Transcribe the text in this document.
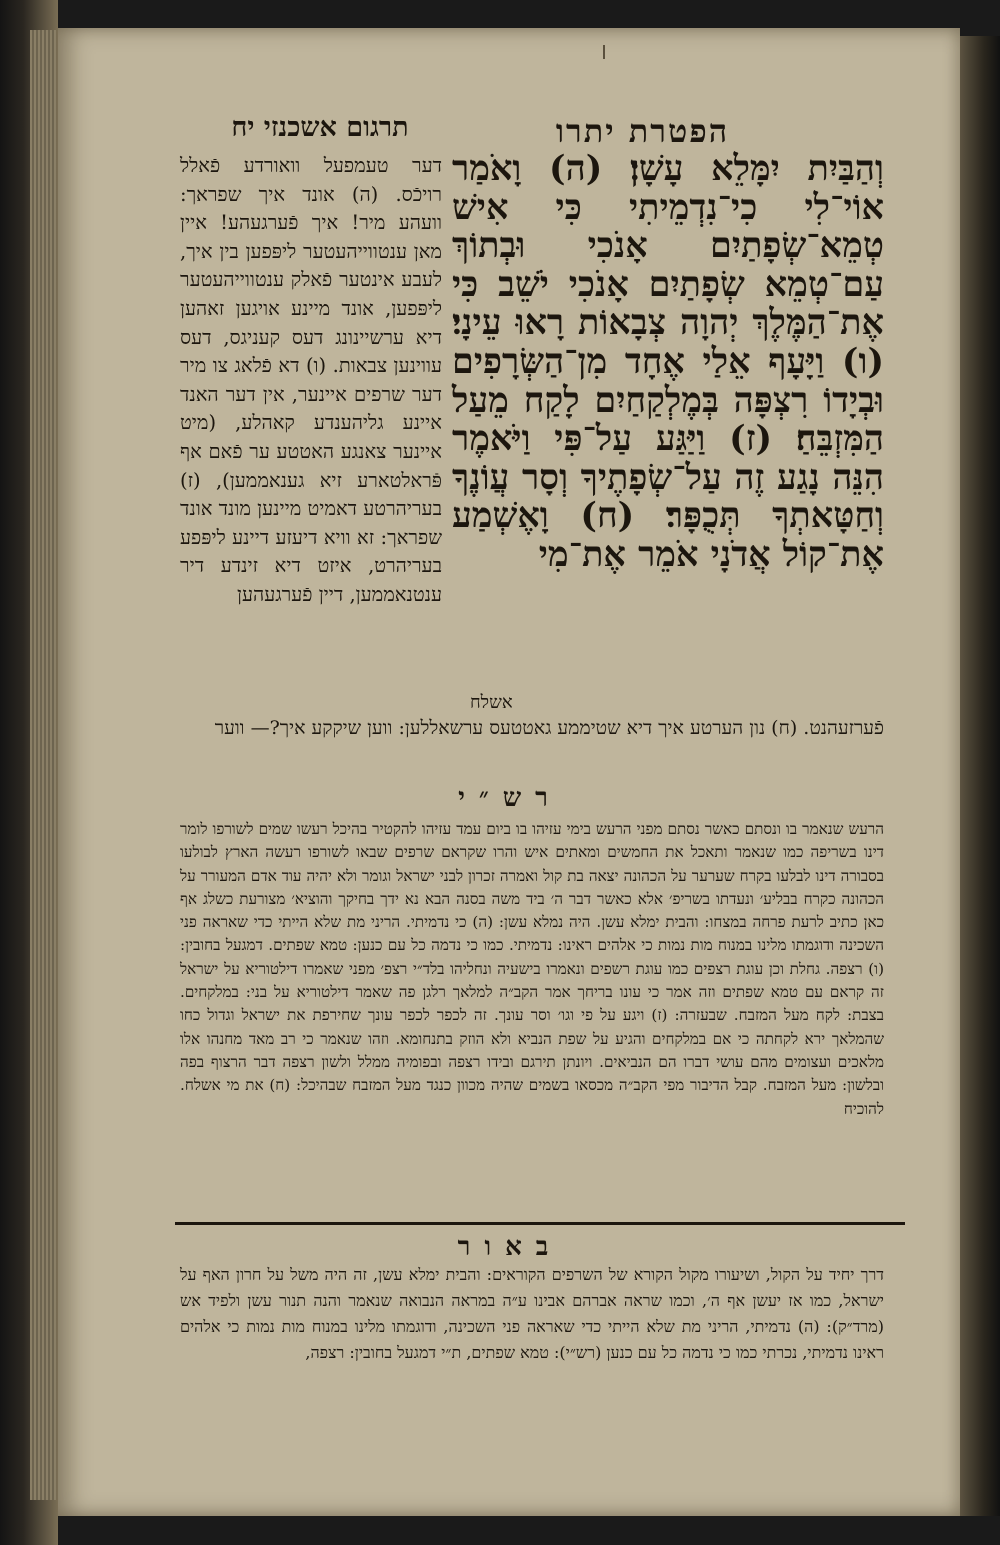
הפטרת יתרו
תרגום אשכנזי יח
וְהַבַּיִת יִמָּלֵא עָשָׁן׃ (ה) וָאֹמַר אוֹי־לִי כִי־נִדְמֵיתִי כִּי אִישׁ טְמֵא־שְׂפָתַיִם אָנֹכִי וּבְתוֹךְ עַם־טְמֵא שְׂפָתַיִם אָנֹכִי יֹשֵׁב כִּי אֶת־הַמֶּלֶךְ יְהוָה צְבָאוֹת רָאוּ עֵינָי׃ (ו) וַיָּעָף אֵלַי אֶחָד מִן־הַשְּׂרָפִים וּבְיָדוֹ רִצְפָּה בְּמֶלְקַחַיִם לָקַח מֵעַל הַמִּזְבֵּחַ׃ (ז) וַיַּגַּע עַל־פִּי וַיֹּאמֶר הִנֵּה נָגַע זֶה עַל־שְׂפָתֶיךָ וְסָר עֲוֹנֶךָ וְחַטָּאתְךָ תְּכֻפָּר׃ (ח) וָאֶשְׁמַע אֶת־קוֹל אֲדֹנָי אֹמֵר אֶת־מִי
דער טעמפעל וואורדע פֿאלל רויכֿס. (ה) אונד איך שפראך: וועהע מיר! איך פֿערגעהע! איין מאן ענטווייהעטער ליפּפען בין איך, לעבע אינטער פֿאלק ענטווייהעטער ליפּפען, אונד מיינע אויגען זאהען דיא ערשיינונג דעס קעניגס, דעס עווינען צבאות. (ו) דא פֿלאג צו מיר דער שרפים איינער, אין דער האנד איינע גליהענדע קאהלע, (מיט איינער צאנגע האטטע ער פֿאם אף פּֿראלטארע זיא גענאממען), (ז) בעריהרטע דאמיט מיינען מונד אונד שפראך: זא וויא דיעזע דיינע ליפּפע בעריהרט, איזט דיא זינדע דיר ענטנאממען, דיין פֿערגעהען
אשלח
פֿערזעהנט. (ח) נון הערטע איך דיא שטיממע גאטטעס ערשאללען: ווען שיקקע איך?— ווער
רש״י
הרעש שנאמר בו ונסתם כאשר נסתם מפני הרעש בימי עזיהו בו ביום עמד עזיהו להקטיר בהיכל רעשו שמים לשורפו לומר דינו בשריפה כמו שנאמר ותאכל את החמשים ומאתים איש והרו שקראם שרפים שבאו לשורפו רעשה הארץ לבולעו בסבורה דינו לבלעו בקרח שערער על הכהונה יצאה בת קול ואמרה זכרון לבני ישראל וגומר ולא יהיה עוד אדם המעורר על הכהונה כקרח בבליע׳ ונעדתו בשריפ׳ אלא כאשר דבר ה׳ ביד משה בסנה הבא נא ידך בחיקך והוציא׳ מצורעת כשלג אף כאן כתיב לרעת פרחה במצחו: והבית ימלא עשן. היה נמלא עשן: (ה) כי נדמיתי. הריני מת שלא הייתי כדי שאראה פני השכינה ודוגמתו מלינו במנוח מות נמות כי אלהים ראינו: נדמיתי. כמו כי נדמה כל עם כנען: טמא שפתים. דמגעל בחובין: (ו) רצפה. גחלת וכן עוגת רצפים כמו עוגת רשפים ונאמרו בישעיה ונחליהו בלד״י רצפ׳ מפני שאמרו דילטוריא על ישראל זה קראם עם טמא שפתים וזה אמר כי עונו בריחך אמר הקב״ה למלאך רלגן פה שאמר דילטוריא על בני: במלקחים. בצבת: לקח מעל המזבח. שבעזרה: (ז) ויגע על פי וגו׳ וסר עונך. זה לכפר לכפר עונך שחירפת את ישראל וגדול כחו שהמלאך ירא לקחתה כי אם במלקחים והגיע על שפת הנביא ולא הוזק בתנחומא. וזהו שנאמר כי רב מאד מחנהו אלו מלאכים ועצומים מהם עושי דברו הם הנביאים. ויונתן תירגם ובידו רצפה ובפומיה ממלל ולשון רצפה דבר הרצוף בפה ובלשון: מעל המזבח. קבל הדיבור מפי הקב״ה מכסאו בשמים שהיה מכוון כנגד מעל המזבח שבהיכל: (ח) את מי אשלח. להוכיח
באור
דרך יחיד על הקול, ושיעורו מקול הקורא של השרפים הקוראים: והבית ימלא עשן, זה היה משל על חרון האף על ישראל, כמו אז יעשן אף ה׳, וכמו שראה אברהם אבינו ע״ה במראה הנבואה שנאמר והנה תנור עשן ולפיד אש (מרד״ק): (ה) נדמיתי, הריני מת שלא הייתי כדי שאראה פני השכינה, ודוגמתו מלינו במנוח מות נמות כי אלהים ראינו נדמיתי, נכרתי כמו כי נדמה כל עם כנען (רש״י): טמא שפתים, ת״י דמגעל בחובין: רצפה,
